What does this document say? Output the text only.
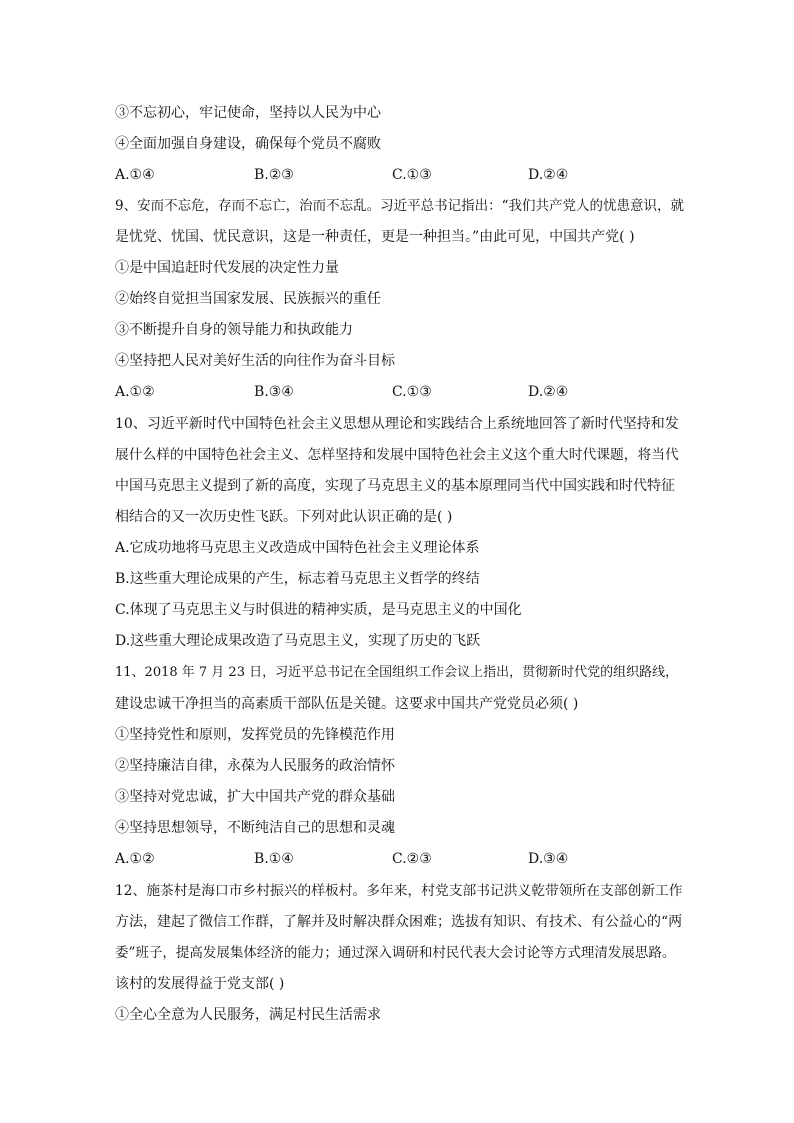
③不忘初心，牢记使命，坚持以人民为中心
④全面加强自身建设，确保每个党员不腐败
A.①④	B.②③	C.①③	D.②④
9、安而不忘危，存而不忘亡，治而不忘乱。习近平总书记指出：“我们共产党人的忧患意识，就
是忧党、忧国、忧民意识，这是一种责任，更是一种担当。”由此可见，中国共产党( )
①是中国追赶时代发展的决定性力量
②始终自觉担当国家发展、民族振兴的重任
③不断提升自身的领导能力和执政能力
④坚持把人民对美好生活的向往作为奋斗目标
A.①②	B.③④	C.①③	D.②④
10、习近平新时代中国特色社会主义思想从理论和实践结合上系统地回答了新时代坚持和发
展什么样的中国特色社会主义、怎样坚持和发展中国特色社会主义这个重大时代课题，将当代
中国马克思主义提到了新的高度，实现了马克思主义的基本原理同当代中国实践和时代特征
相结合的又一次历史性飞跃。下列对此认识正确的是( )
A.它成功地将马克思主义改造成中国特色社会主义理论体系
B.这些重大理论成果的产生，标志着马克思主义哲学的终结
C.体现了马克思主义与时俱进的精神实质，是马克思主义的中国化
D.这些重大理论成果改造了马克思主义，实现了历史的飞跃
11、2018 年 7 月 23 日，习近平总书记在全国组织工作会议上指出，贯彻新时代党的组织路线，
建设忠诚干净担当的高素质干部队伍是关键。这要求中国共产党党员必须( )
①坚持党性和原则，发挥党员的先锋模范作用
②坚持廉洁自律，永葆为人民服务的政治情怀
③坚持对党忠诚，扩大中国共产党的群众基础
④坚持思想领导，不断纯洁自己的思想和灵魂
A.①②	B.①④	C.②③	D.③④
12、施茶村是海口市乡村振兴的样板村。多年来，村党支部书记洪义乾带领所在支部创新工作
方法，建起了微信工作群，了解并及时解决群众困难；选拔有知识、有技术、有公益心的“两
委”班子，提高发展集体经济的能力；通过深入调研和村民代表大会讨论等方式理清发展思路。
该村的发展得益于党支部( )
①全心全意为人民服务，满足村民生活需求
